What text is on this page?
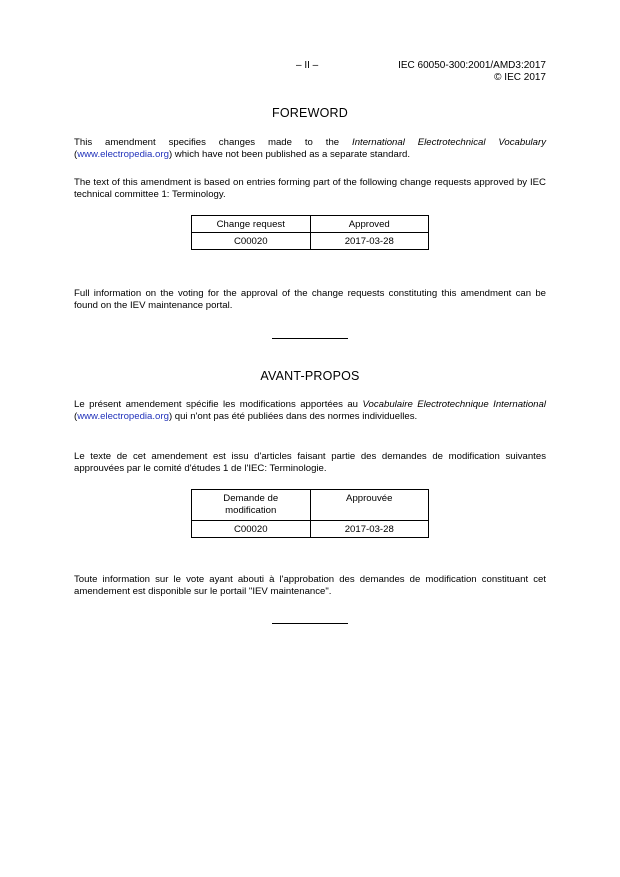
– II –	IEC 60050-300:2001/AMD3:2017
© IEC 2017
FOREWORD
This amendment specifies changes made to the International Electrotechnical Vocabulary (www.electropedia.org) which have not been published as a separate standard.
The text of this amendment is based on entries forming part of the following change requests approved by IEC technical committee 1: Terminology.
Change request	Approved
C00020	2017-03-28
Full information on the voting for the approval of the change requests constituting this amendment can be found on the IEV maintenance portal.
AVANT-PROPOS
Le présent amendement spécifie les modifications apportées au Vocabulaire Electrotechnique International (www.electropedia.org) qui n'ont pas été publiées dans des normes individuelles.
Le texte de cet amendement est issu d'articles faisant partie des demandes de modification suivantes approuvées par le comité d'études 1 de l'IEC: Terminologie.
Demande de modification	Approuvée
C00020	2017-03-28
Toute information sur le vote ayant abouti à l'approbation des demandes de modification constituant cet amendement est disponible sur le portail "IEV maintenance".
